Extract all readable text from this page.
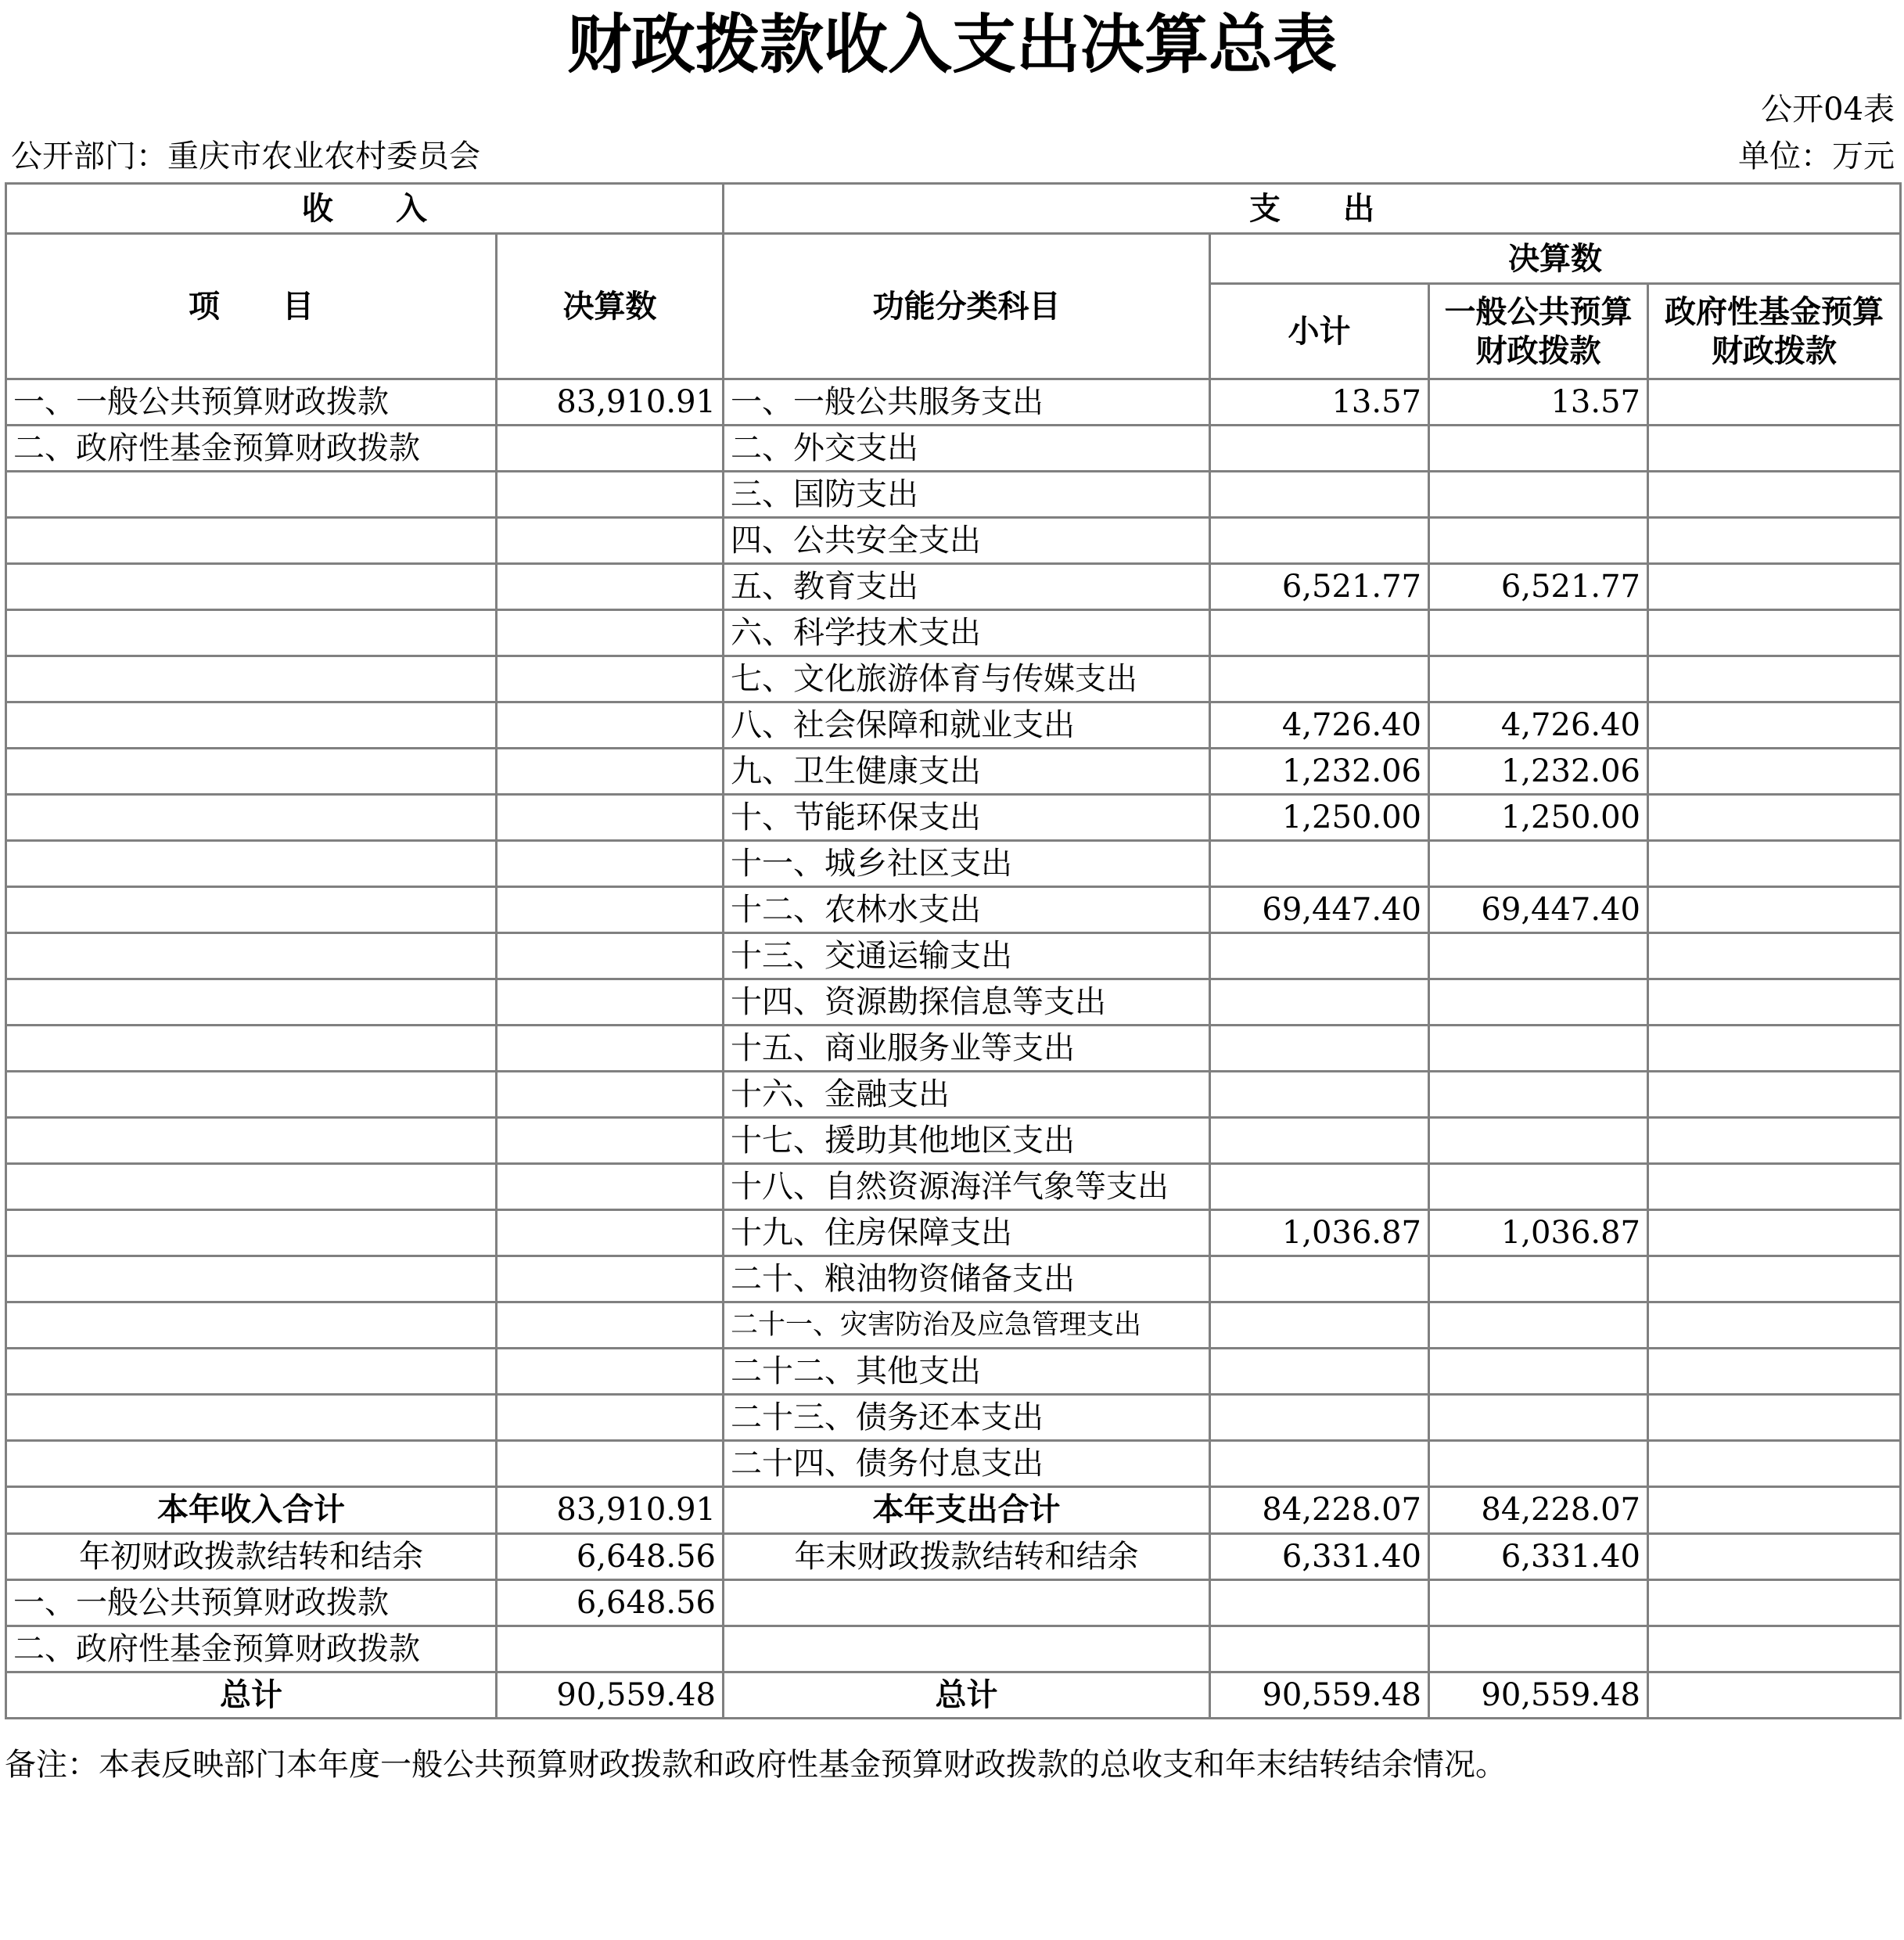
财政拨款收入支出决算总表
公开04表
公开部门：重庆市农业农村委员会	单位：万元
收　　入		支　　出			
项　　目	决算数	功能分类科目	决算数		
			小计	一般公共预算财政拨款	政府性基金预算财政拨款
一、一般公共预算财政拨款	83,910.91	一、一般公共服务支出	13.57	13.57	
二、政府性基金预算财政拨款		二、外交支出			
		三、国防支出			
		四、公共安全支出			
		五、教育支出	6,521.77	6,521.77	
		六、科学技术支出			
		七、文化旅游体育与传媒支出			
		八、社会保障和就业支出	4,726.40	4,726.40	
		九、卫生健康支出	1,232.06	1,232.06	
		十、节能环保支出	1,250.00	1,250.00	
		十一、城乡社区支出			
		十二、农林水支出	69,447.40	69,447.40	
		十三、交通运输支出			
		十四、资源勘探信息等支出			
		十五、商业服务业等支出			
		十六、金融支出			
		十七、援助其他地区支出			
		十八、自然资源海洋气象等支出			
		十九、住房保障支出	1,036.87	1,036.87	
		二十、粮油物资储备支出			
		二十一、灾害防治及应急管理支出			
		二十二、其他支出			
		二十三、债务还本支出			
		二十四、债务付息支出			
本年收入合计	83,910.91	本年支出合计	84,228.07	84,228.07	
年初财政拨款结转和结余	6,648.56	年末财政拨款结转和结余	6,331.40	6,331.40	
一、一般公共预算财政拨款	6,648.56				
二、政府性基金预算财政拨款					
总计	90,559.48	总计	90,559.48	90,559.48	
备注：本表反映部门本年度一般公共预算财政拨款和政府性基金预算财政拨款的总收支和年末结转结余情况。
